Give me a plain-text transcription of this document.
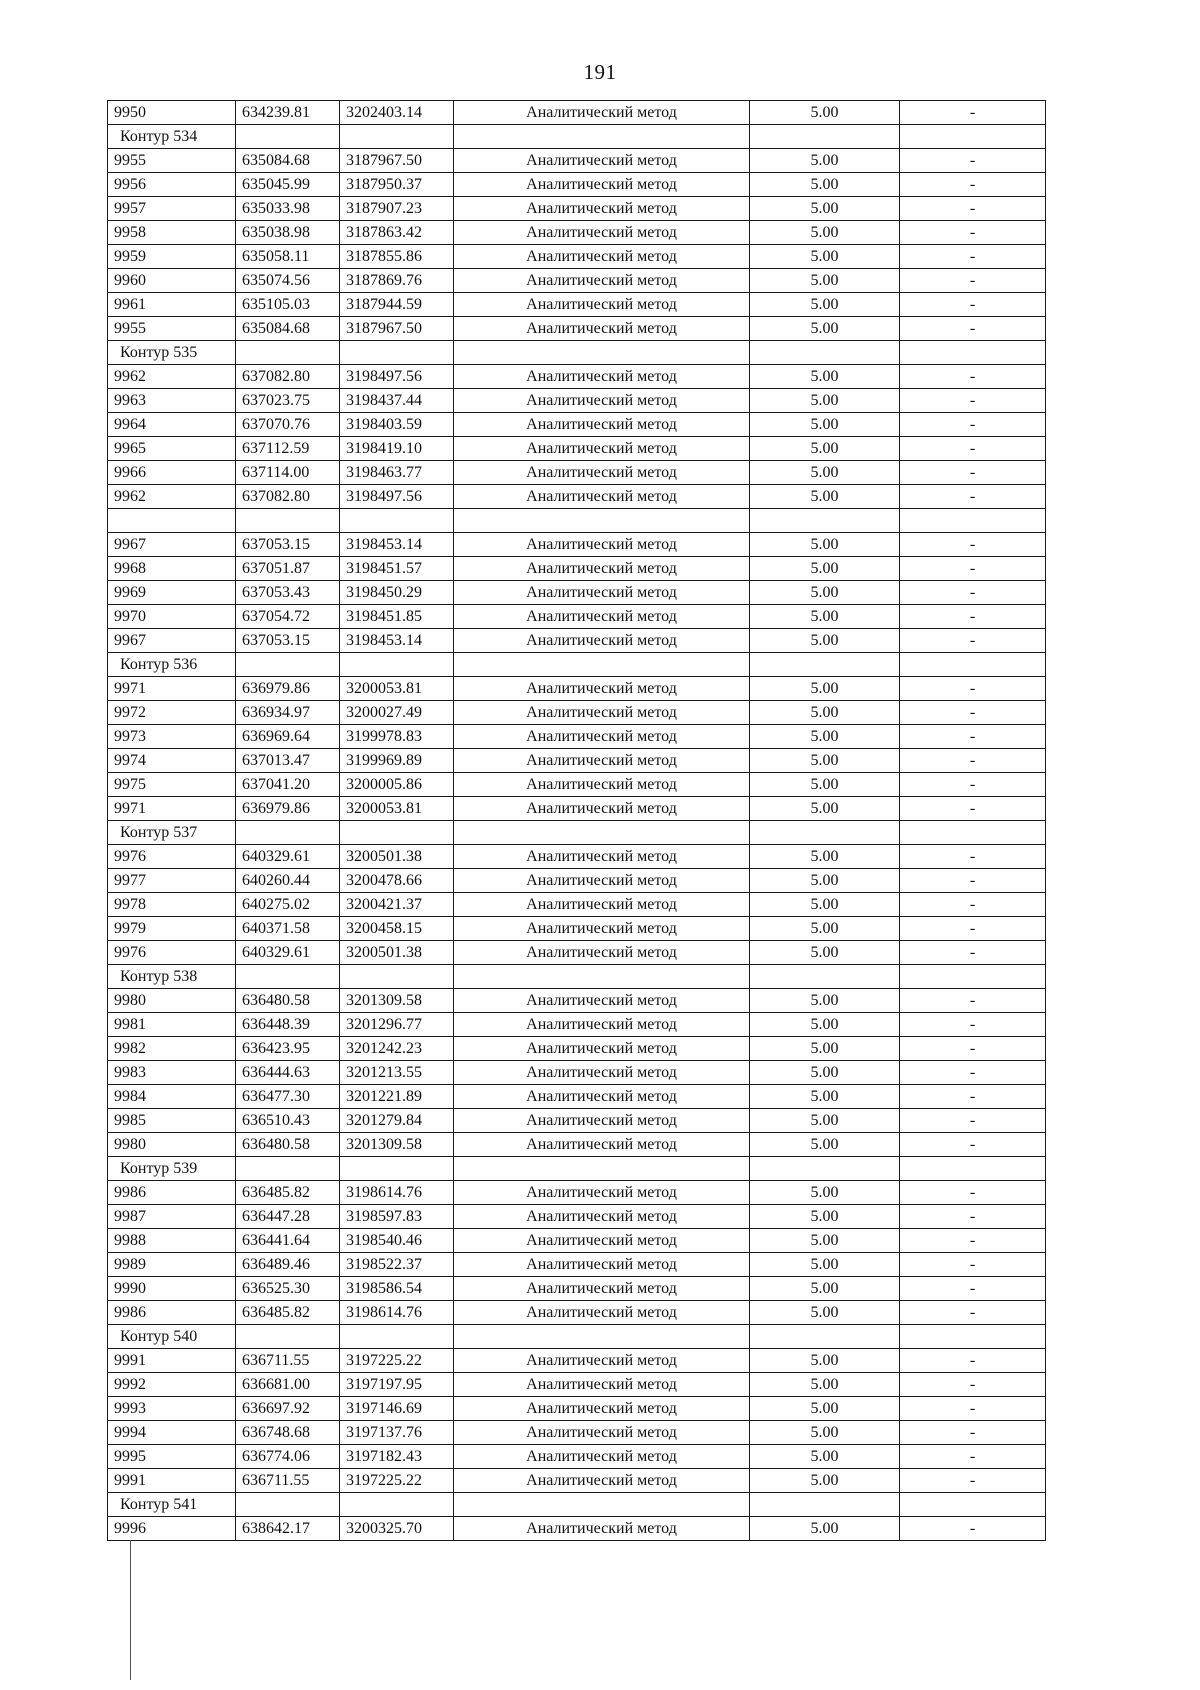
191
9950	634239.81	3202403.14	Аналитический метод	5.00	-
Контур 534					
9955	635084.68	3187967.50	Аналитический метод	5.00	-
9956	635045.99	3187950.37	Аналитический метод	5.00	-
9957	635033.98	3187907.23	Аналитический метод	5.00	-
9958	635038.98	3187863.42	Аналитический метод	5.00	-
9959	635058.11	3187855.86	Аналитический метод	5.00	-
9960	635074.56	3187869.76	Аналитический метод	5.00	-
9961	635105.03	3187944.59	Аналитический метод	5.00	-
9955	635084.68	3187967.50	Аналитический метод	5.00	-
Контур 535					
9962	637082.80	3198497.56	Аналитический метод	5.00	-
9963	637023.75	3198437.44	Аналитический метод	5.00	-
9964	637070.76	3198403.59	Аналитический метод	5.00	-
9965	637112.59	3198419.10	Аналитический метод	5.00	-
9966	637114.00	3198463.77	Аналитический метод	5.00	-
9962	637082.80	3198497.56	Аналитический метод	5.00	-

9967	637053.15	3198453.14	Аналитический метод	5.00	-
9968	637051.87	3198451.57	Аналитический метод	5.00	-
9969	637053.43	3198450.29	Аналитический метод	5.00	-
9970	637054.72	3198451.85	Аналитический метод	5.00	-
9967	637053.15	3198453.14	Аналитический метод	5.00	-
Контур 536					
9971	636979.86	3200053.81	Аналитический метод	5.00	-
9972	636934.97	3200027.49	Аналитический метод	5.00	-
9973	636969.64	3199978.83	Аналитический метод	5.00	-
9974	637013.47	3199969.89	Аналитический метод	5.00	-
9975	637041.20	3200005.86	Аналитический метод	5.00	-
9971	636979.86	3200053.81	Аналитический метод	5.00	-
Контур 537					
9976	640329.61	3200501.38	Аналитический метод	5.00	-
9977	640260.44	3200478.66	Аналитический метод	5.00	-
9978	640275.02	3200421.37	Аналитический метод	5.00	-
9979	640371.58	3200458.15	Аналитический метод	5.00	-
9976	640329.61	3200501.38	Аналитический метод	5.00	-
Контур 538					
9980	636480.58	3201309.58	Аналитический метод	5.00	-
9981	636448.39	3201296.77	Аналитический метод	5.00	-
9982	636423.95	3201242.23	Аналитический метод	5.00	-
9983	636444.63	3201213.55	Аналитический метод	5.00	-
9984	636477.30	3201221.89	Аналитический метод	5.00	-
9985	636510.43	3201279.84	Аналитический метод	5.00	-
9980	636480.58	3201309.58	Аналитический метод	5.00	-
Контур 539					
9986	636485.82	3198614.76	Аналитический метод	5.00	-
9987	636447.28	3198597.83	Аналитический метод	5.00	-
9988	636441.64	3198540.46	Аналитический метод	5.00	-
9989	636489.46	3198522.37	Аналитический метод	5.00	-
9990	636525.30	3198586.54	Аналитический метод	5.00	-
9986	636485.82	3198614.76	Аналитический метод	5.00	-
Контур 540					
9991	636711.55	3197225.22	Аналитический метод	5.00	-
9992	636681.00	3197197.95	Аналитический метод	5.00	-
9993	636697.92	3197146.69	Аналитический метод	5.00	-
9994	636748.68	3197137.76	Аналитический метод	5.00	-
9995	636774.06	3197182.43	Аналитический метод	5.00	-
9991	636711.55	3197225.22	Аналитический метод	5.00	-
Контур 541					
9996	638642.17	3200325.70	Аналитический метод	5.00	-
